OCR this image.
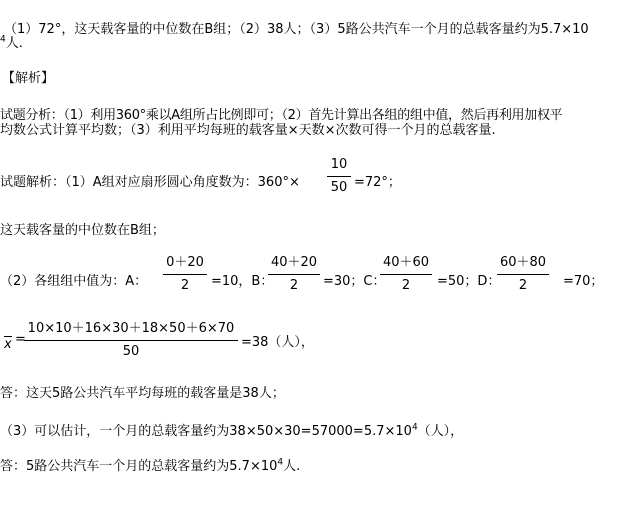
（1）72°，这天载客量的中位数在B组；（2）38人；（3）5路公共汽车一个月的总载客量约为5.7×10
$^4$人.
【解析】
试题分析：（1）利用360°乘以A组所占比例即可；（2）首先计算出各组的组中值，然后再利用加权平
均数公式计算平均数；（3）利用平均每班的载客量×天数×次数可得一个月的总载客量.
试题解析：（1）A组对应扇形圆心角度数为：360°×
10
50 =72°；
这天载客量的中位数在B组；
（2）各组组中值为：A：
0＋20
2	=10，B：
40＋20
2	=30；C：
40＋60
2	=50；D：
60＋80
2	=70；
x =
10×10＋16×30＋18×50＋6×70
50
=38（人），
答：这天5路公共汽车平均每班的载客量是38人；
（3）可以估计，一个月的总载客量约为$38\times 50\times 30=57000=5.7\times 10^4$（人），
答：5路公共汽车一个月的总载客量约为$5.7\times 10^4$人.
